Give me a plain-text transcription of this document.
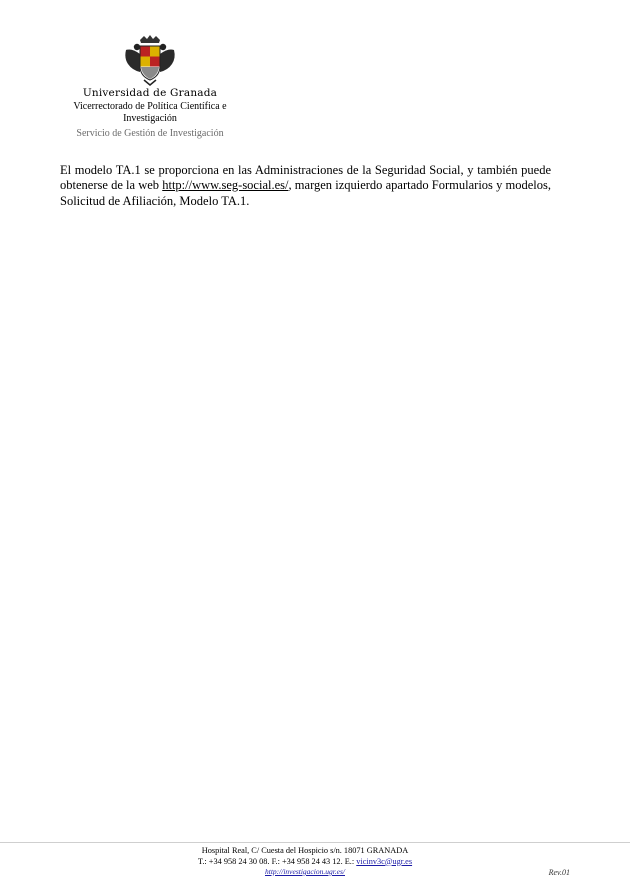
Universidad de Granada
Vicerrectorado de Política Científica e Investigación
Servicio de Gestión de Investigación

El modelo TA.1 se proporciona en las Administraciones de la Seguridad Social, y también puede obtenerse de la web http://www.seg-social.es/, margen izquierdo apartado Formularios y modelos, Solicitud de Afiliación, Modelo TA.1.

Hospital Real, C/ Cuesta del Hospicio s/n. 18071 GRANADA
T.: +34 958 24 30 08. F.: +34 958 24 43 12. E.: vicinv3c@ugr.es
http://investigacion.ugr.es/	Rev.01
